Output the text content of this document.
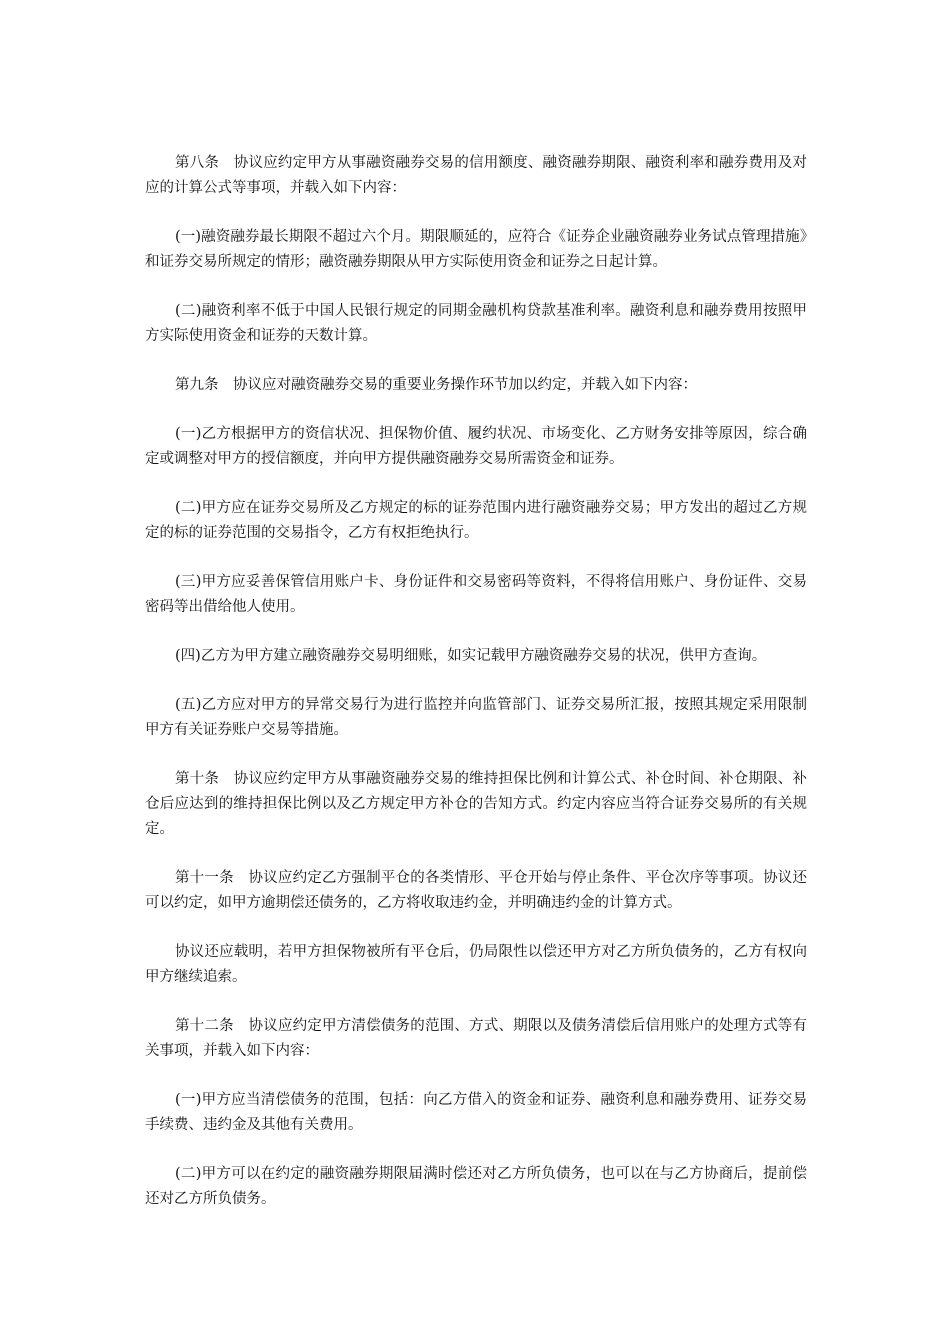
第八条　协议应约定甲方从事融资融券交易的信用额度、融资融券期限、融资利率和融券费用及对应的计算公式等事项，并载入如下内容：

(一)融资融券最长期限不超过六个月。期限顺延的，应符合《证券企业融资融券业务试点管理措施》和证券交易所规定的情形；融资融券期限从甲方实际使用资金和证券之日起计算。

(二)融资利率不低于中国人民银行规定的同期金融机构贷款基准利率。融资利息和融券费用按照甲方实际使用资金和证券的天数计算。

第九条　协议应对融资融券交易的重要业务操作环节加以约定，并载入如下内容：

(一)乙方根据甲方的资信状况、担保物价值、履约状况、市场变化、乙方财务安排等原因，综合确定或调整对甲方的授信额度，并向甲方提供融资融券交易所需资金和证券。

(二)甲方应在证券交易所及乙方规定的标的证券范围内进行融资融券交易；甲方发出的超过乙方规定的标的证券范围的交易指令，乙方有权拒绝执行。

(三)甲方应妥善保管信用账户卡、身份证件和交易密码等资料，不得将信用账户、身份证件、交易密码等出借给他人使用。

(四)乙方为甲方建立融资融券交易明细账，如实记载甲方融资融券交易的状况，供甲方查询。

(五)乙方应对甲方的异常交易行为进行监控并向监管部门、证券交易所汇报，按照其规定采用限制甲方有关证券账户交易等措施。

第十条　协议应约定甲方从事融资融券交易的维持担保比例和计算公式、补仓时间、补仓期限、补仓后应达到的维持担保比例以及乙方规定甲方补仓的告知方式。约定内容应当符合证券交易所的有关规定。

第十一条　协议应约定乙方强制平仓的各类情形、平仓开始与停止条件、平仓次序等事项。协议还可以约定，如甲方逾期偿还债务的，乙方将收取违约金，并明确违约金的计算方式。

协议还应载明，若甲方担保物被所有平仓后，仍局限性以偿还甲方对乙方所负债务的，乙方有权向甲方继续追索。

第十二条　协议应约定甲方清偿债务的范围、方式、期限以及债务清偿后信用账户的处理方式等有关事项，并载入如下内容：

(一)甲方应当清偿债务的范围，包括：向乙方借入的资金和证券、融资利息和融券费用、证券交易手续费、违约金及其他有关费用。

(二)甲方可以在约定的融资融券期限届满时偿还对乙方所负债务，也可以在与乙方协商后，提前偿还对乙方所负债务。
